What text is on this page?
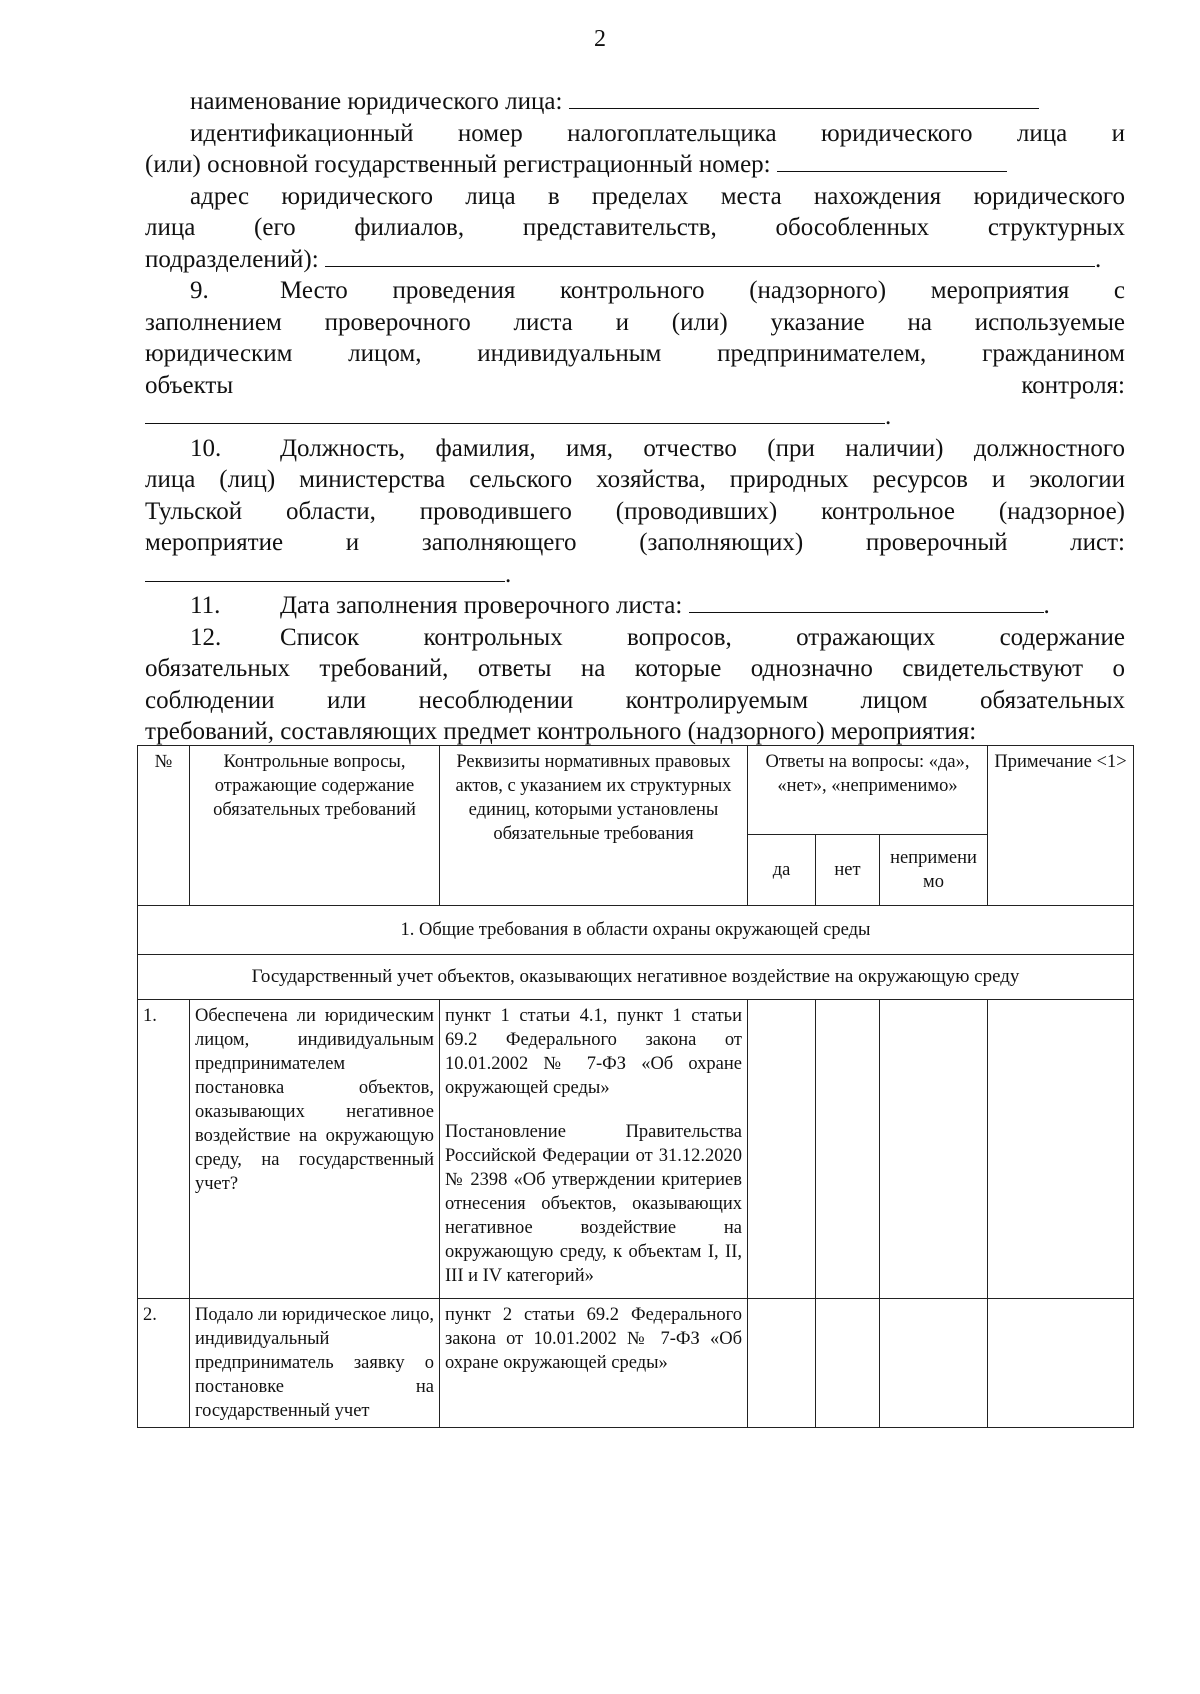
2
наименование юридического лица:
идентификационный номер налогоплательщика юридического лица и
(или) основной государственный регистрационный номер:
адрес юридического лица в пределах места нахождения юридического
лица (его филиалов, представительств, обособленных структурных
подразделений):	.
9.	Место проведения контрольного (надзорного) мероприятия с
заполнением проверочного листа и (или) указание на используемые
юридическим лицом, индивидуальным предпринимателем, гражданином
объекты	контроля:
.
10. Должность, фамилия, имя, отчество (при наличии) должностного
лица (лиц) министерства сельского хозяйства, природных ресурсов и экологии
Тульской области, проводившего (проводивших) контрольное (надзорное)
мероприятие и заполняющего (заполняющих) проверочный лист:
.
11. Дата заполнения проверочного листа:	.
12. Список контрольных вопросов, отражающих содержание
обязательных требований, ответы на которые однозначно свидетельствуют о
соблюдении или несоблюдении контролируемым лицом обязательных
требований, составляющих предмет контрольного (надзорного) мероприятия:
№	Контрольные вопросы, отражающие содержание обязательных требований	Реквизиты нормативных правовых актов, с указанием их структурных единиц, которыми установлены обязательные требования	Ответы на вопросы: «да», «нет», «неприменимо»			Примечание <1>
			да	нет	неприменимо	
1. Общие требования в области охраны окружающей среды						
Государственный учет объектов, оказывающих негативное воздействие на окружающую среду						
1.	Обеспечена ли юридическим лицом, индивидуальным предпринимателем постановка объектов, оказывающих негативное воздействие на окружающую среду, на государственный учет?	пункт 1 статьи 4.1, пункт 1 статьи 69.2 Федерального закона от 10.01.2002 № 7-ФЗ «Об охране окружающей среды»
Постановление Правительства Российской Федерации от 31.12.2020 № 2398 «Об утверждении критериев отнесения объектов, оказывающих негативное воздействие на окружающую среду, к объектам I, II, III и IV категорий»				

2.	Подало ли юридическое лицо, индивидуальный предприниматель заявку о постановке на государственный учет	пункт 2 статьи 69.2 Федерального закона от 10.01.2002 № 7-ФЗ «Об охране окружающей среды»				
